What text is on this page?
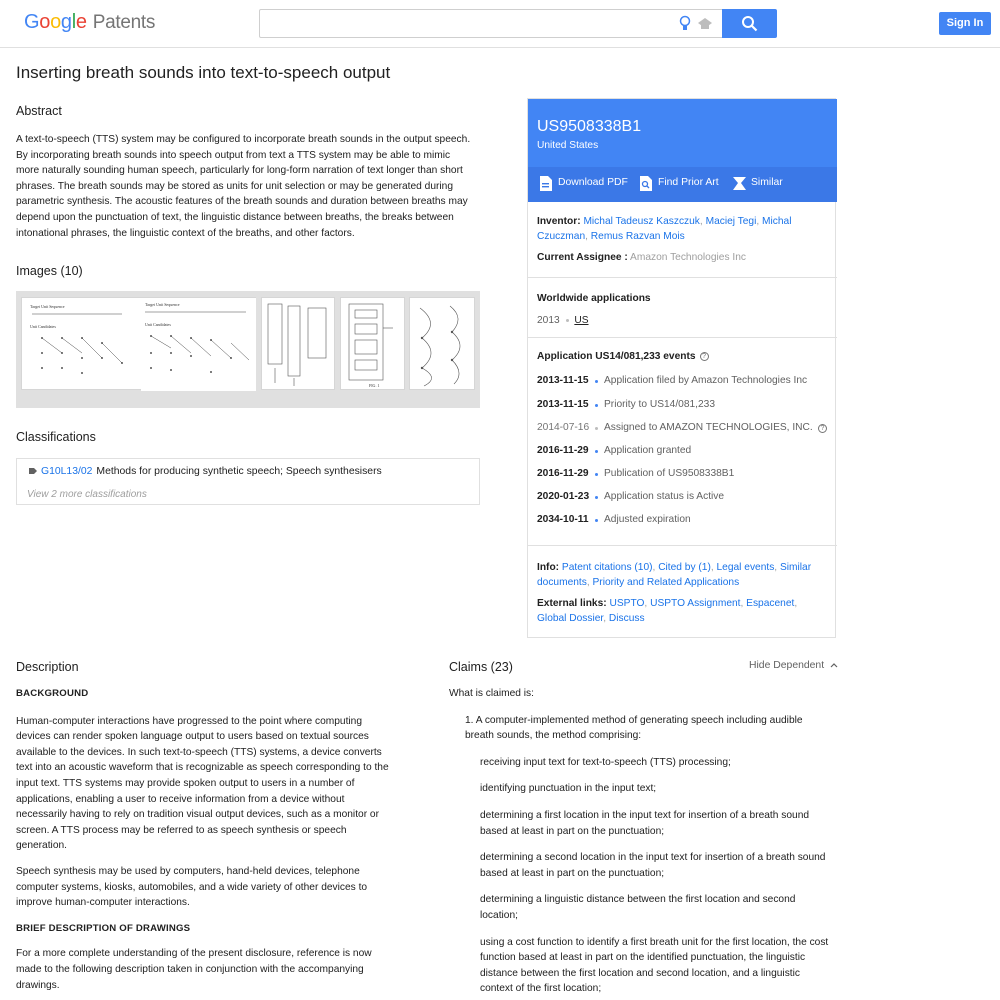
Google Patents	Sign In
Inserting breath sounds into text-to-speech output
Abstract
A text-to-speech (TTS) system may be configured to incorporate breath sounds in the output speech. By incorporating breath sounds into speech output from text a TTS system may be able to mimic more naturally sounding human speech, particularly for long-form narration of text longer than short phrases. The breath sounds may be stored as units for unit selection or may be generated during parametric synthesis. The acoustic features of the breath sounds and duration between breaths may depend upon the punctuation of text, the linguistic distance between breaths, the breaks between intonational phrases, the linguistic context of the breaths, and other factors.
Images (10)
Target Unit Sequence
Unit Candidates
Target Unit Sequence
Unit Candidates
FIG. 1
Classifications
G10L13/02 Methods for producing synthetic speech; Speech synthesisers
View 2 more classifications
US9508338B1
United States
Download PDF	Find Prior Art	Similar
Inventor: Michal Tadeusz Kaszczuk, Maciej Tegi, Michal Czuczman, Remus Razvan Mois
Current Assignee : Amazon Technologies Inc
Worldwide applications
2013 US
Application US14/081,233 events ?
2013-11-15 Application filed by Amazon Technologies Inc
2013-11-15 Priority to US14/081,233
2014-07-16 Assigned to AMAZON TECHNOLOGIES, INC.	?
2016-11-29 Application granted
2016-11-29 Publication of US9508338B1
2020-01-23 Application status is Active
2034-10-11 Adjusted expiration
Info: Patent citations (10), Cited by (1), Legal events, Similar documents, Priority and Related Applications
External links: USPTO, USPTO Assignment, Espacenet, Global Dossier, Discuss
Description

BACKGROUND

Human-computer interactions have progressed to the point where computing devices can render spoken language output to users based on textual sources available to the devices. In such text-to-speech (TTS) systems, a device converts text into an acoustic waveform that is recognizable as speech corresponding to the input text. TTS systems may provide spoken output to users in a number of applications, enabling a user to receive information from a device without necessarily having to rely on tradition visual output devices, such as a monitor or screen. A TTS process may be referred to as speech synthesis or speech generation.

Speech synthesis may be used by computers, hand-held devices, telephone computer systems, kiosks, automobiles, and a wide variety of other devices to improve human-computer interactions.

BRIEF DESCRIPTION OF DRAWINGS

For a more complete understanding of the present disclosure, reference is now made to the following description taken in conjunction with the accompanying drawings.

Claims (23)	Hide Dependent
What is claimed is:
1. A computer-implemented method of generating speech including audible breath sounds, the method comprising:
receiving input text for text-to-speech (TTS) processing;
identifying punctuation in the input text;
determining a first location in the input text for insertion of a breath sound based at least in part on the punctuation;
determining a second location in the input text for insertion of a breath sound based at least in part on the punctuation;
determining a linguistic distance between the first location and second location;
using a cost function to identify a first breath unit for the first location, the cost function based at least in part on the identified punctuation, the linguistic distance between the first location and second location, and a linguistic context of the first location;
